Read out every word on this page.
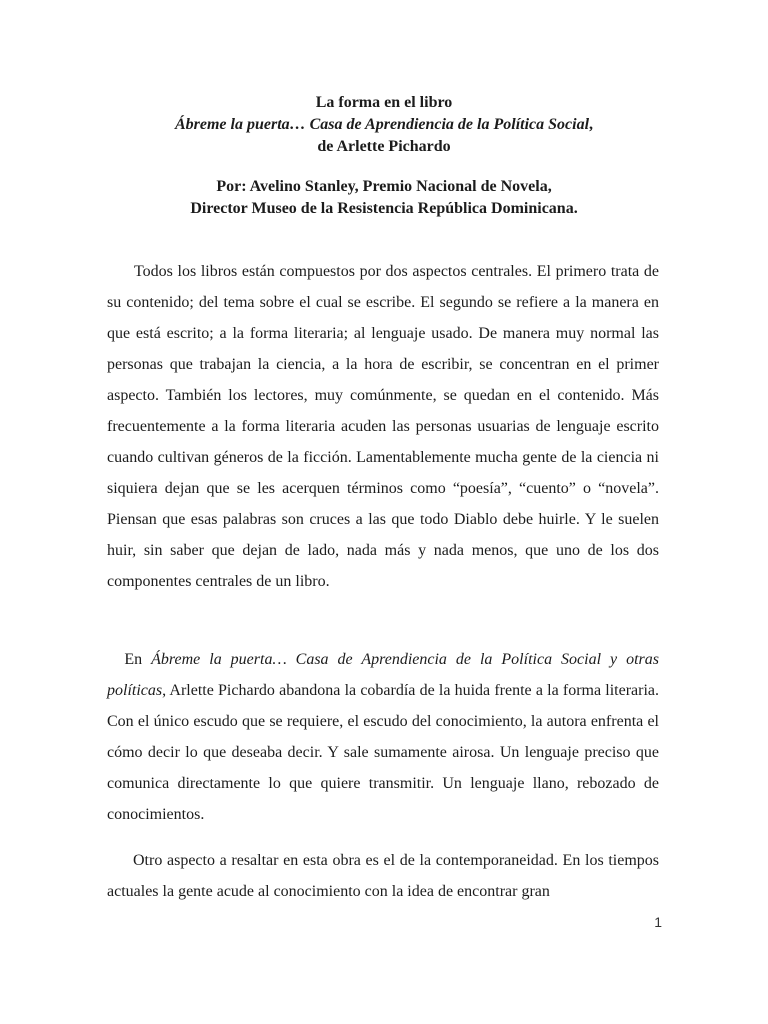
La forma en el libro
Ábreme la puerta… Casa de Aprendiencia de la Política Social,
de Arlette Pichardo
Por: Avelino Stanley, Premio Nacional de Novela,
Director Museo de la Resistencia República Dominicana.

Todos los libros están compuestos por dos aspectos centrales. El primero trata de su contenido; del tema sobre el cual se escribe. El segundo se refiere a la manera en que está escrito; a la forma literaria; al lenguaje usado. De manera muy normal las personas que trabajan la ciencia, a la hora de escribir, se concentran en el primer aspecto. También los lectores, muy comúnmente, se quedan en el contenido. Más frecuentemente a la forma literaria acuden las personas usuarias de lenguaje escrito cuando cultivan géneros de la ficción. Lamentablemente mucha gente de la ciencia ni siquiera dejan que se les acerquen términos como “poesía”, “cuento” o “novela”. Piensan que esas palabras son cruces a las que todo Diablo debe huirle. Y le suelen huir, sin saber que dejan de lado, nada más y nada menos, que uno de los dos componentes centrales de un libro.

  En Ábreme la puerta… Casa de Aprendiencia de la Política Social y otras políticas, Arlette Pichardo abandona la cobardía de la huida frente a la forma literaria. Con el único escudo que se requiere, el escudo del conocimiento, la autora enfrenta el cómo decir lo que deseaba decir. Y sale sumamente airosa. Un lenguaje preciso que comunica directamente lo que quiere transmitir. Un lenguaje llano, rebozado de conocimientos.

Otro aspecto a resaltar en esta obra es el de la contemporaneidad. En los tiempos actuales la gente acude al conocimiento con la idea de encontrar gran

1
